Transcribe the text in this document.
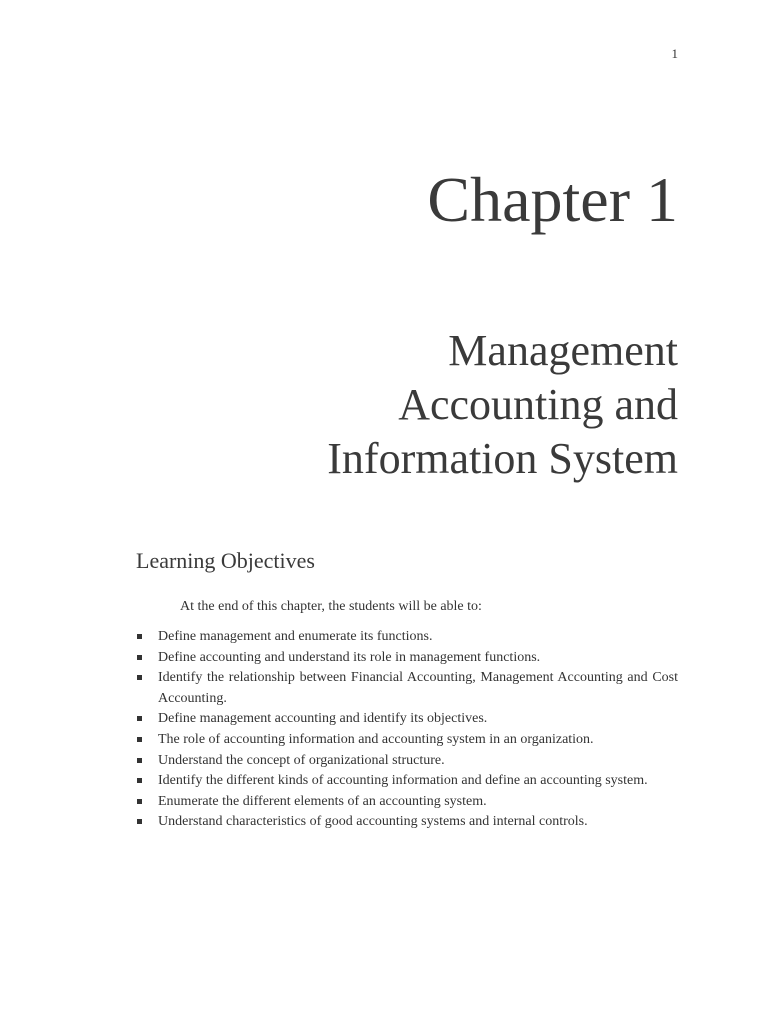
1
Chapter 1
Management
Accounting and
Information System
Learning Objectives
At the end of this chapter, the students will be able to:
Define management and enumerate its functions.
Define accounting and understand its role in management functions.
Identify the relationship between Financial Accounting, Management Accounting and Cost Accounting.
Define management accounting and identify its objectives.
The role of accounting information and accounting system in an organization.
Understand the concept of organizational structure.
Identify the different kinds of accounting information and define an accounting system.
Enumerate the different elements of an accounting system.
Understand characteristics of good accounting systems and internal controls.
